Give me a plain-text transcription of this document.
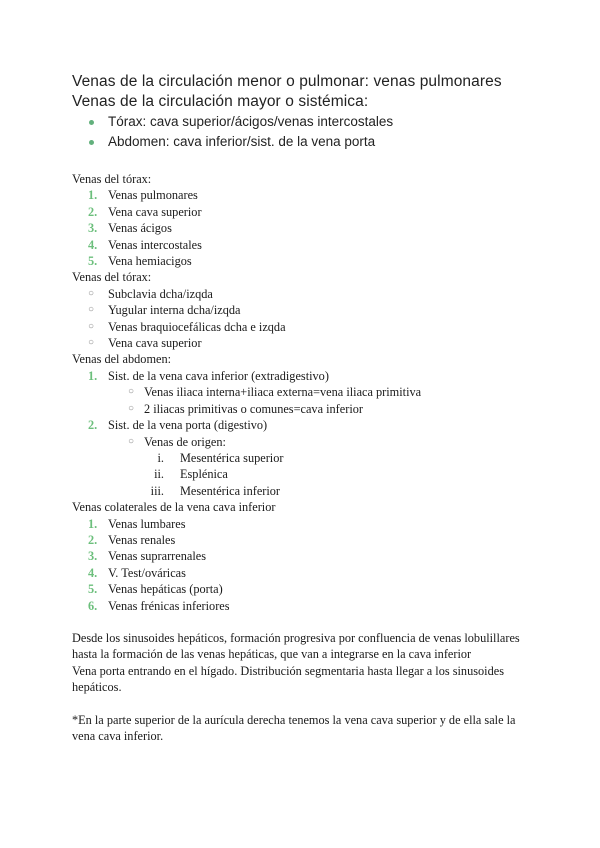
Venas de la circulación menor o pulmonar: venas pulmonares
Venas de la circulación mayor o sistémica:
Tórax: cava superior/ácigos/venas intercostales
Abdomen: cava inferior/sist. de la vena porta
Venas del tórax:
1. Venas pulmonares
2. Vena cava superior
3. Venas ácigos
4. Venas intercostales
5. Vena hemiacigos
Venas del tórax:
○ Subclavia dcha/izqda
○ Yugular interna dcha/izqda
○ Venas braquiocefálicas dcha e izqda
○ Vena cava superior
Venas del abdomen:
1. Sist. de la vena cava inferior (extradigestivo)
○ Venas iliaca interna+iliaca externa=vena iliaca primitiva
○ 2 iliacas primitivas o comunes=cava inferior
2. Sist. de la vena porta (digestivo)
○ Venas de origen:
i. Mesentérica superior
ii. Esplénica
iii. Mesentérica inferior
Venas colaterales de la vena cava inferior
1. Venas lumbares
2. Venas renales
3. Venas suprarrenales
4. V. Test/ováricas
5. Venas hepáticas (porta)
6. Venas frénicas inferiores
Desde los sinusoides hepáticos, formación progresiva por confluencia de venas lobulillares
hasta la formación de las venas hepáticas, que van a integrarse en la cava inferior
Vena porta entrando en el hígado. Distribución segmentaria hasta llegar a los sinusoides
hepáticos.
*En la parte superior de la aurícula derecha tenemos la vena cava superior y de ella sale la
vena cava inferior.
